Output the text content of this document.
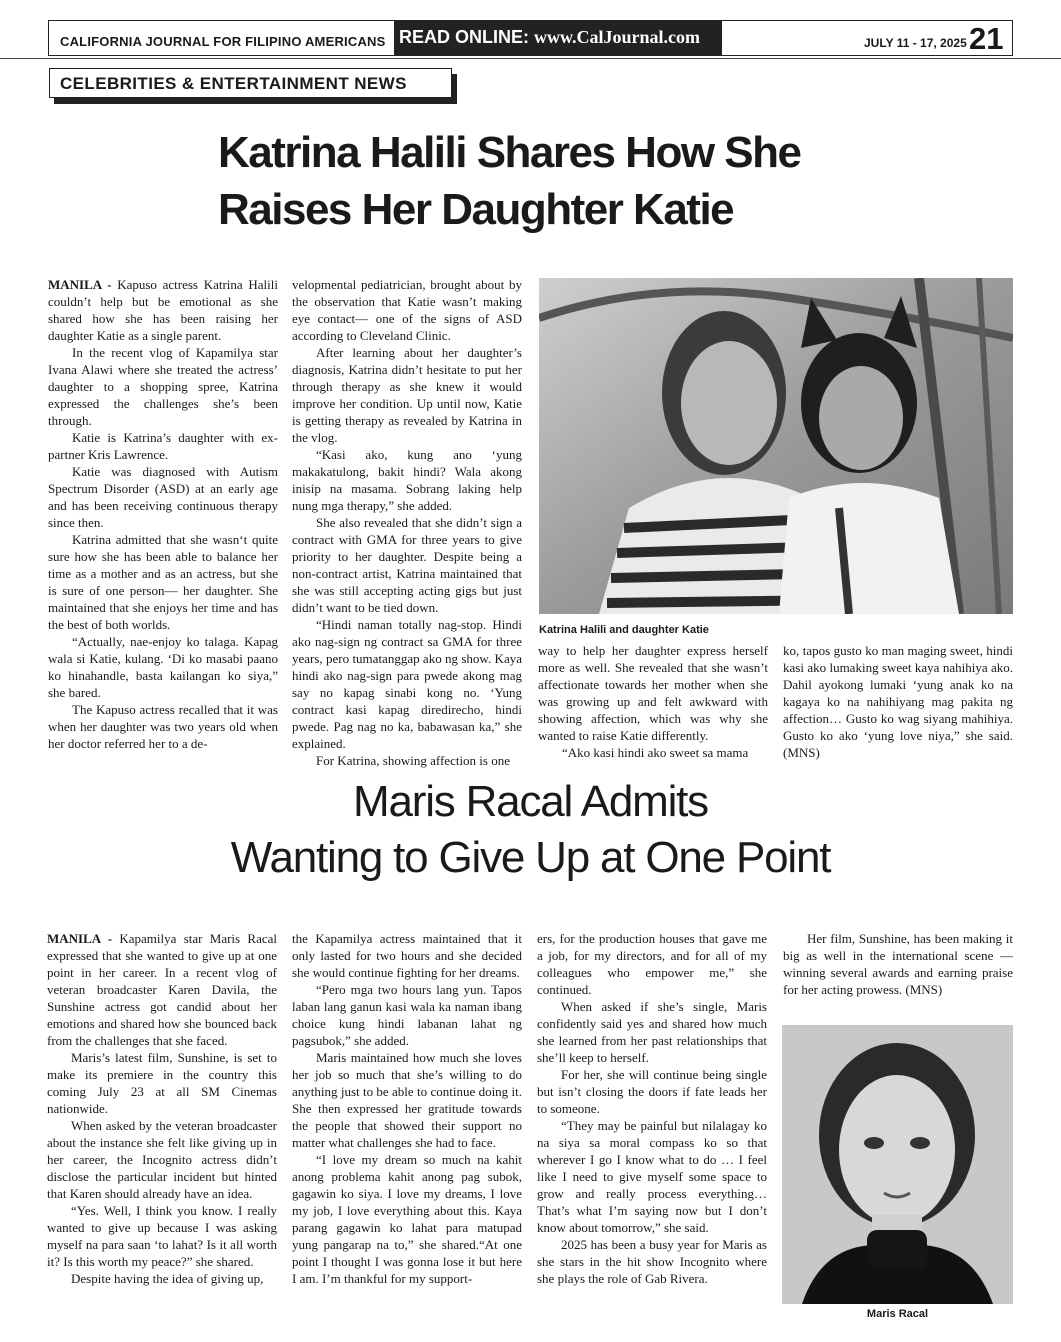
CALIFORNIA JOURNAL FOR FILIPINO AMERICANS READ ONLINE: www.CalJournal.com	JULY 11 - 17, 2025 21
CELEBRITIES & ENTERTAINMENT NEWS
Katrina Halili Shares How She
Raises Her Daughter Katie

MANILA - Kapuso actress Katrina Halili couldn’t help but be emotional as she shared how she has been raising her daughter Katie as a single parent.

In the recent vlog of Kapamilya star Ivana Alawi where she treated the actress’ daughter to a shopping spree, Katrina expressed the challenges she’s been through.

Katie is Katrina’s daughter with ex-partner Kris Lawrence.

Katie was diagnosed with Autism Spectrum Disorder (ASD) at an early age and has been receiving continuous therapy since then.

Katrina admitted that she wasn‘t quite sure how she has been able to balance her time as a mother and as an actress, but she is sure of one person— her daughter. She maintained that she enjoys her time and has the best of both worlds.

“Actually, nae-enjoy ko talaga. Kapag wala si Katie, kulang. ‘Di ko masabi paano ko hinahandle, basta kailangan ko siya,” she bared.

The Kapuso actress recalled that it was when her daughter was two years old when her doctor referred her to a de-

velopmental pediatrician, brought about by the observation that Katie wasn’t making eye contact— one of the signs of ASD according to Cleveland Clinic.

After learning about her daughter’s diagnosis, Katrina didn’t hesitate to put her through therapy as she knew it would improve her condition. Up until now, Katie is getting therapy as revealed by Katrina in the vlog.

“Kasi ako, kung ano ‘yung makakatulong, bakit hindi? Wala akong inisip na masama. Sobrang laking help nung mga therapy,” she added.

She also revealed that she didn’t sign a contract with GMA for three years to give priority to her daughter. Despite being a non-contract artist, Katrina maintained that she was still accepting acting gigs but just didn’t want to be tied down.

“Hindi naman totally nag-stop. Hindi ako nag-sign ng contract sa GMA for three years, pero tumatanggap ako ng show. Kaya hindi ako nag-sign para pwede akong mag say no kapag sinabi kong no. ‘Yung contract kasi kapag diredirecho, hindi pwede. Pag nag no ka, babawasan ka,” she explained.

For Katrina, showing affection is one

Katrina Halili and daughter Katie

way to help her daughter express herself more as well. She revealed that she wasn’t affectionate towards her mother when she was growing up and felt awkward with showing affection, which was why she wanted to raise Katie differently.

“Ako kasi hindi ako sweet sa mama

ko, tapos gusto ko man maging sweet, hindi kasi ako lumaking sweet kaya nahihiya ako. Dahil ayokong lumaki ‘yung anak ko na kagaya ko na nahihiyang mag pakita ng affection… Gusto ko wag siyang mahihiya. Gusto ko ako ‘yung love niya,” she said. (MNS)

Maris Racal Admits
Wanting to Give Up at One Point

MANILA - Kapamilya star Maris Racal expressed that she wanted to give up at one point in her career. In a recent vlog of veteran broadcaster Karen Davila, the Sunshine actress got candid about her emotions and shared how she bounced back from the challenges that she faced.

Maris’s latest film, Sunshine, is set to make its premiere in the country this coming July 23 at all SM Cinemas nationwide.

When asked by the veteran broadcaster about the instance she felt like giving up in her career, the Incognito actress didn’t disclose the particular incident but hinted that Karen should already have an idea.

“Yes. Well, I think you know. I really wanted to give up because I was asking myself na para saan ‘to lahat? Is it all worth it? Is this worth my peace?” she shared.

Despite having the idea of giving up,

the Kapamilya actress maintained that it only lasted for two hours and she decided she would continue fighting for her dreams.

“Pero mga two hours lang yun. Tapos laban lang ganun kasi wala ka naman ibang choice kung hindi labanan lahat ng pagsubok,” she added.

Maris maintained how much she loves her job so much that she’s willing to do anything just to be able to continue doing it. She then expressed her gratitude towards the people that showed their support no matter what challenges she had to face.

“I love my dream so much na kahit anong problema kahit anong pag subok, gagawin ko siya. I love my dreams, I love my job, I love everything about this. Kaya parang gagawin ko lahat para matupad yung pangarap na to,” she shared.“At one point I thought I was gonna lose it but here I am. I’m thankful for my support-

ers, for the production houses that gave me a job, for my directors, and for all of my colleagues who empower me,” she continued.

When asked if she’s single, Maris confidently said yes and shared how much she learned from her past relationships that she’ll keep to herself.

For her, she will continue being single but isn’t closing the doors if fate leads her to someone.

“They may be painful but nilalagay ko na siya sa moral compass ko so that wherever I go I know what to do … I feel like I need to give myself some space to grow and really process everything… That’s what I’m saying now but I don’t know about tomorrow,” she said.

2025 has been a busy year for Maris as she stars in the hit show Incognito where she plays the role of Gab Rivera.

Her film, Sunshine, has been making it big as well in the international scene — winning several awards and earning praise for her acting prowess. (MNS)

Maris Racal
